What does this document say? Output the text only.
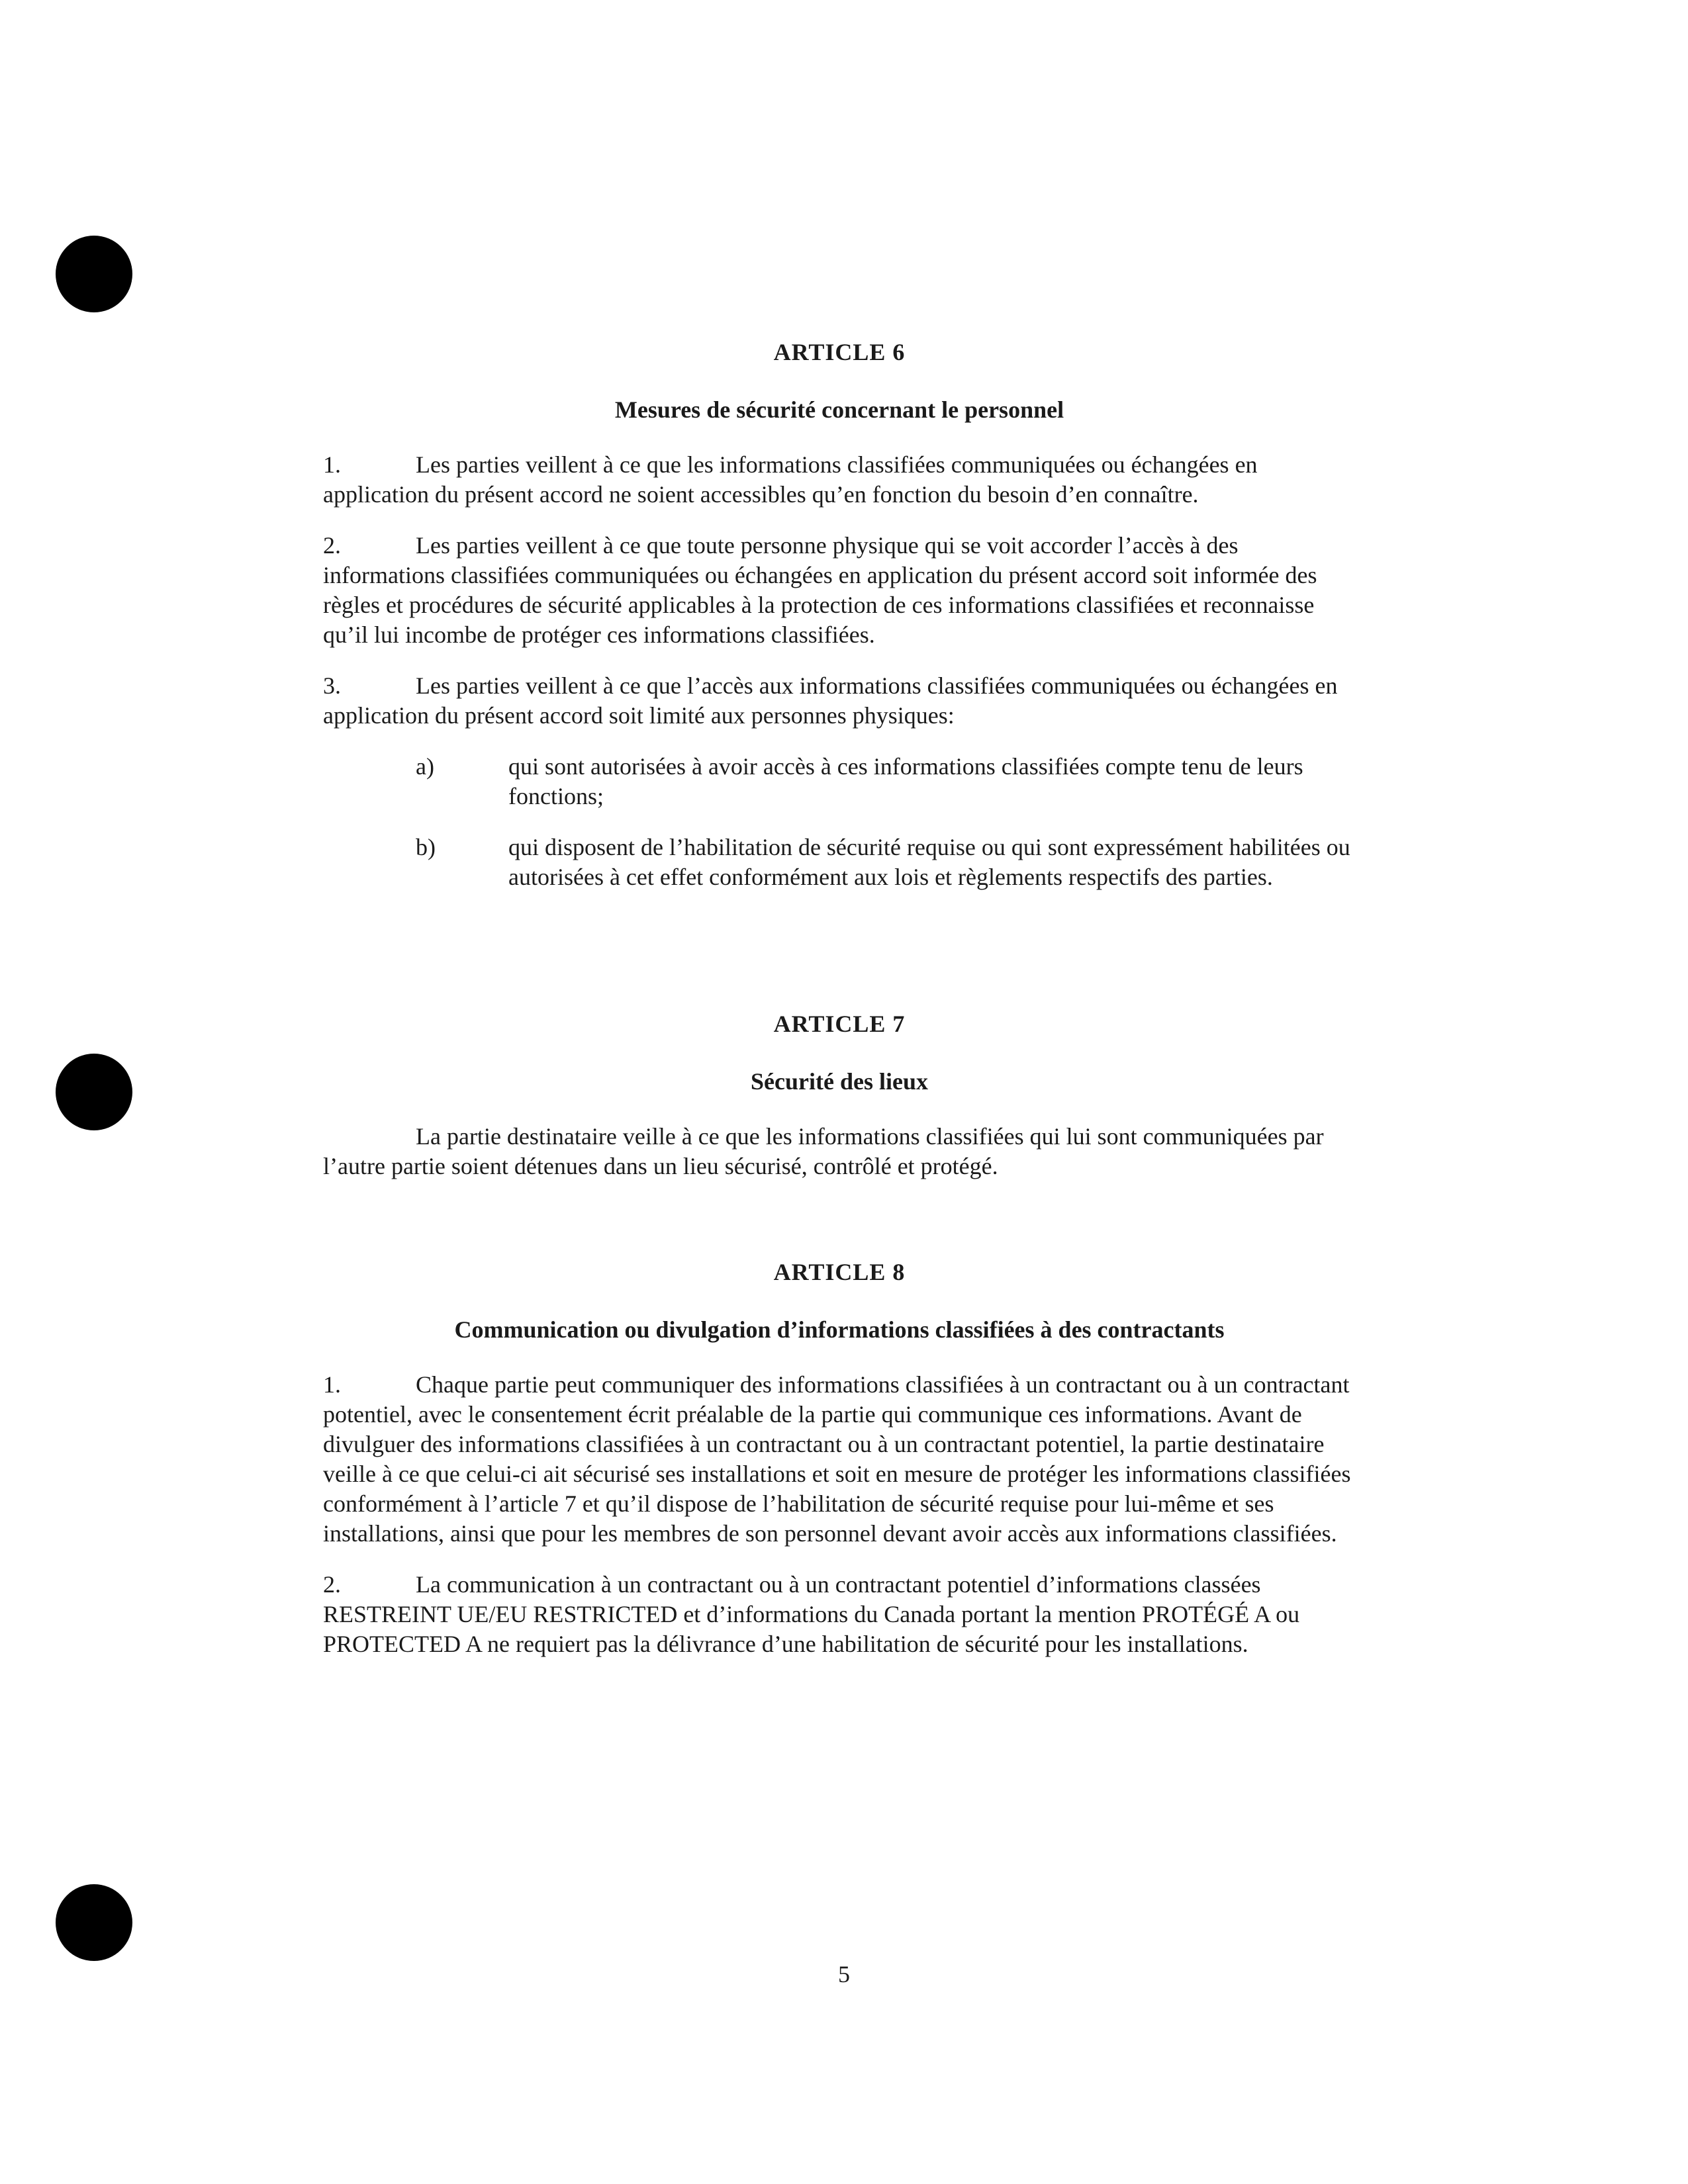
ARTICLE 6

Mesures de sécurité concernant le personnel

1.	Les parties veillent à ce que les informations classifiées communiquées ou échangées en application du présent accord ne soient accessibles qu’en fonction du besoin d’en connaître.

2.	Les parties veillent à ce que toute personne physique qui se voit accorder l’accès à des informations classifiées communiquées ou échangées en application du présent accord soit informée des règles et procédures de sécurité applicables à la protection de ces informations classifiées et reconnaisse qu’il lui incombe de protéger ces informations classifiées.

3.	Les parties veillent à ce que l’accès aux informations classifiées communiquées ou échangées en application du présent accord soit limité aux personnes physiques:

a)	qui sont autorisées à avoir accès à ces informations classifiées compte tenu de leurs fonctions;
b)	qui disposent de l’habilitation de sécurité requise ou qui sont expressément habilitées ou autorisées à cet effet conformément aux lois et règlements respectifs des parties.

ARTICLE 7

Sécurité des lieux

La partie destinataire veille à ce que les informations classifiées qui lui sont communiquées par l’autre partie soient détenues dans un lieu sécurisé, contrôlé et protégé.

ARTICLE 8

Communication ou divulgation d’informations classifiées à des contractants

1.	Chaque partie peut communiquer des informations classifiées à un contractant ou à un contractant potentiel, avec le consentement écrit préalable de la partie qui communique ces informations. Avant de divulguer des informations classifiées à un contractant ou à un contractant potentiel, la partie destinataire veille à ce que celui-ci ait sécurisé ses installations et soit en mesure de protéger les informations classifiées conformément à l’article 7 et qu’il dispose de l’habilitation de sécurité requise pour lui-même et ses installations, ainsi que pour les membres de son personnel devant avoir accès aux informations classifiées.

2.	La communication à un contractant ou à un contractant potentiel d’informations classées RESTREINT UE/EU RESTRICTED et d’informations du Canada portant la mention PROTÉGÉ A ou PROTECTED A ne requiert pas la délivrance d’une habilitation de sécurité pour les installations.

5
